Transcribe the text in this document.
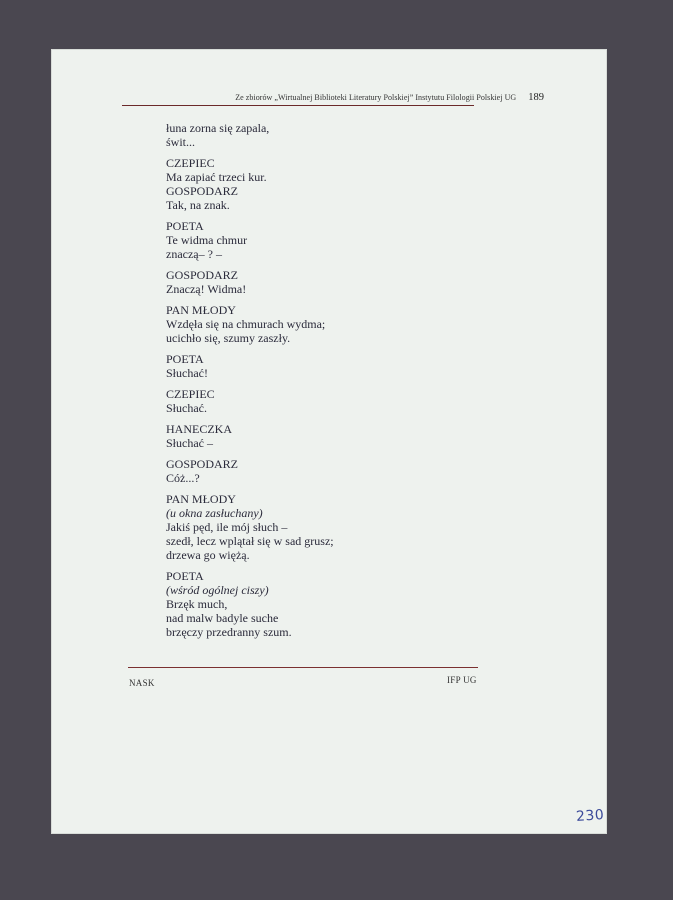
Ze zbiorów „Wirtualnej Biblioteki Literatury Polskiej” Instytutu Filologii Polskiej UG 189
łuna zorna się zapala,
świt...
CZEPIEC
Ma zapiać trzeci kur.
GOSPODARZ
Tak, na znak.
POETA
Te widma chmur
znaczą– ? –
GOSPODARZ
Znaczą! Widma!
PAN MŁODY
Wzdęła się na chmurach wydma;
ucichło się, szumy zaszły.
POETA
Słuchać!
CZEPIEC
Słuchać.
HANECZKA
Słuchać –
GOSPODARZ
Cóż...?
PAN MŁODY
(u okna zasłuchany)
Jakiś pęd, ile mój słuch –
szedł, lecz wplątał się w sad grusz;
drzewa go więżą.
POETA
(wśród ogólnej ciszy)
Brzęk much,
nad malw badyle suche
brzęczy przedranny szum.
NASK	IFP UG
230
